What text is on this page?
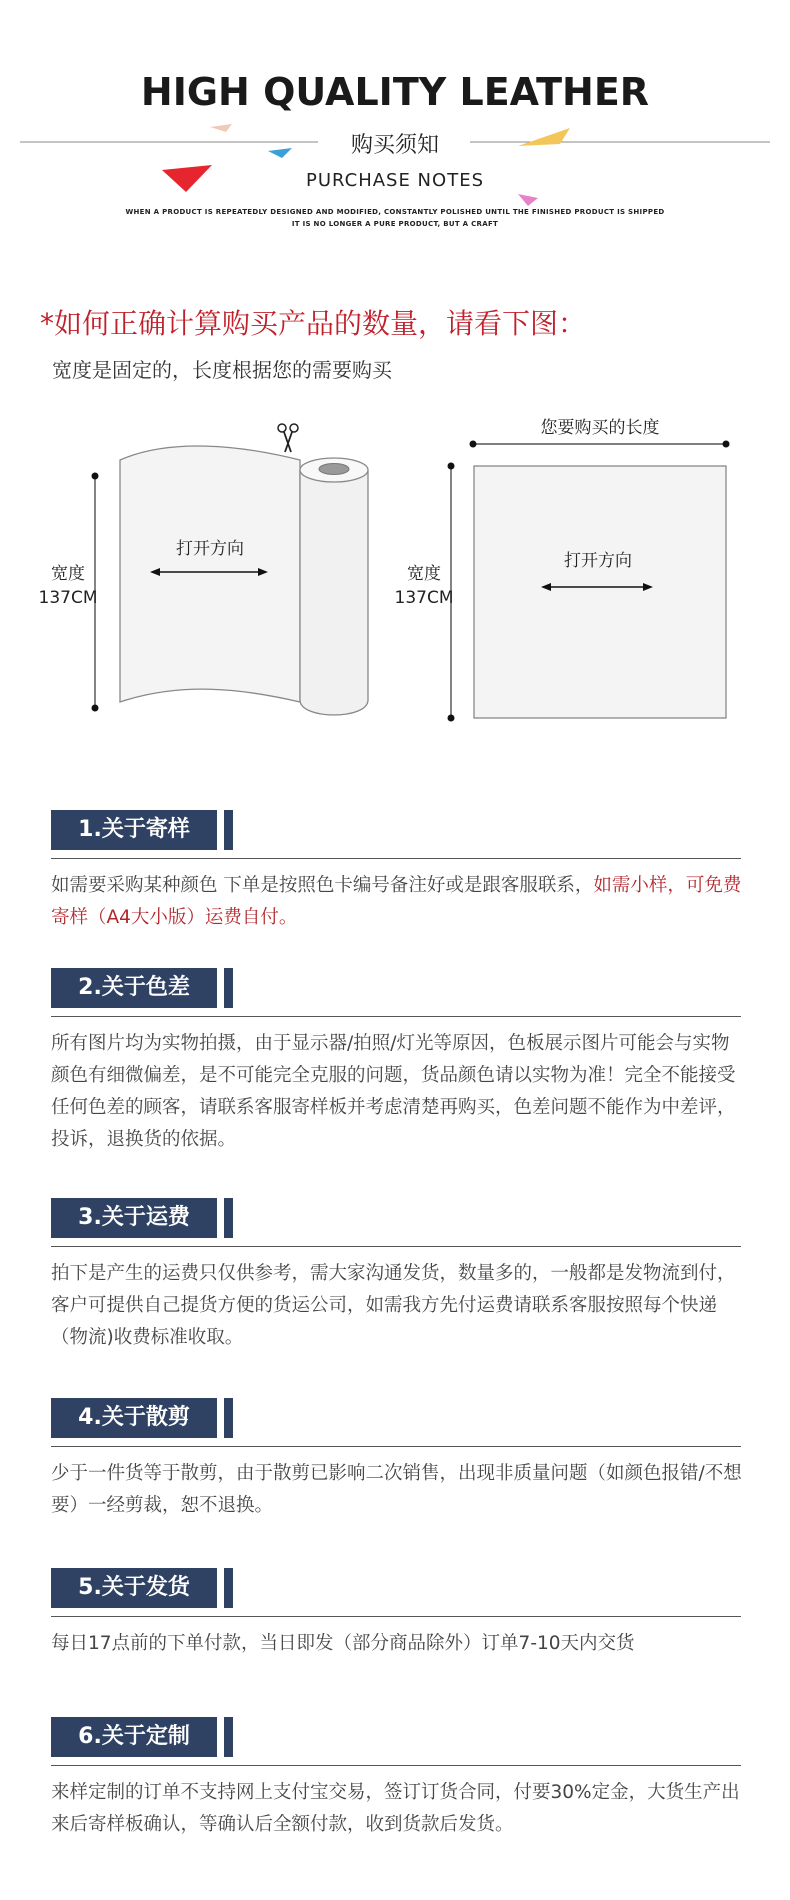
HIGH QUALITY LEATHER
购买须知
PURCHASE NOTES
WHEN A PRODUCT IS REPEATEDLY DESIGNED AND MODIFIED, CONSTANTLY POLISHED UNTIL THE FINISHED PRODUCT IS SHIPPED
IT IS NO LONGER A PURE PRODUCT, BUT A CRAFT
*如何正确计算购买产品的数量，请看下图：
宽度是固定的，长度根据您的需要购买
宽度
137CM
打开方向
宽度
137CM
打开方向
您要购买的长度
1.关于寄样
如需要采购某种颜色 下单是按照色卡编号备注好或是跟客服联系，如需小样，可免费寄样（A4大小版）运费自付。
2.关于色差
所有图片均为实物拍摄，由于显示器/拍照/灯光等原因，色板展示图片可能会与实物颜色有细微偏差，是不可能完全克服的问题，货品颜色请以实物为准！完全不能接受任何色差的顾客，请联系客服寄样板并考虑清楚再购买，色差问题不能作为中差评，投诉，退换货的依据。
3.关于运费
拍下是产生的运费只仅供参考，需大家沟通发货，数量多的，一般都是发物流到付，客户可提供自己提货方便的货运公司，如需我方先付运费请联系客服按照每个快递（物流)收费标准收取。
4.关于散剪
少于一件货等于散剪，由于散剪已影响二次销售，出现非质量问题（如颜色报错/不想要）一经剪裁，恕不退换。
5.关于发货
每日17点前的下单付款，当日即发（部分商品除外）订单7-10天内交货
6.关于定制
来样定制的订单不支持网上支付宝交易，签订订货合同，付要30%定金，大货生产出来后寄样板确认，等确认后全额付款，收到货款后发货。
